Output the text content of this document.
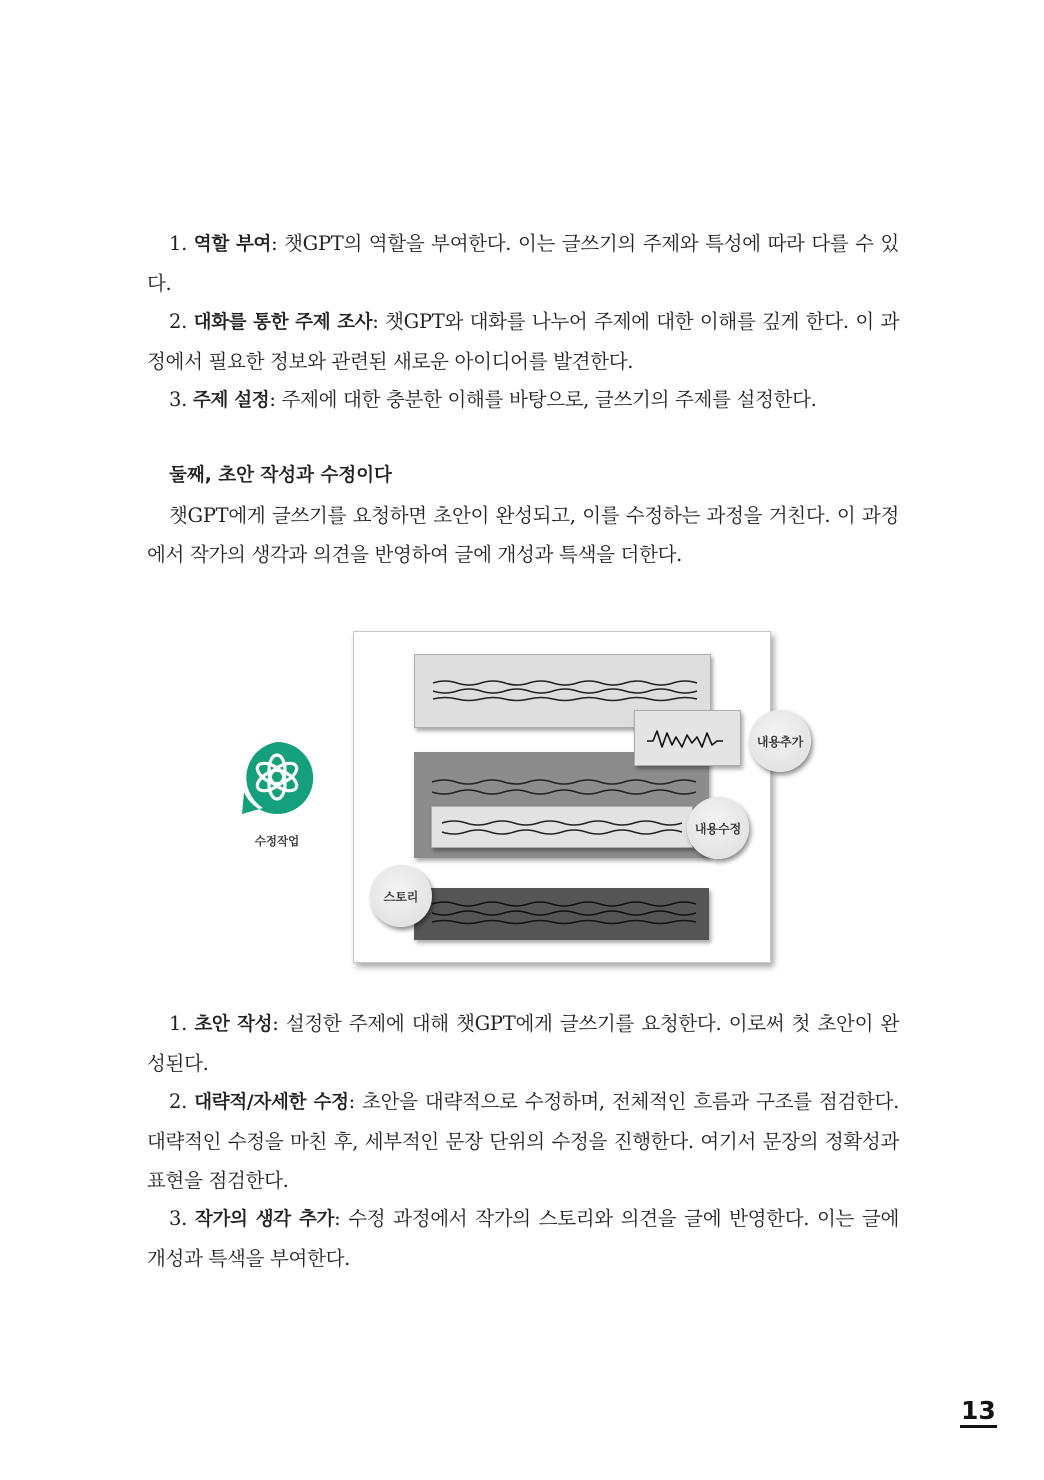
1. 역할 부여: 챗GPT의 역할을 부여한다. 이는 글쓰기의 주제와 특성에 따라 다를 수 있다.

2. 대화를 통한 주제 조사: 챗GPT와 대화를 나누어 주제에 대한 이해를 깊게 한다. 이 과정에서 필요한 정보와 관련된 새로운 아이디어를 발견한다.

3. 주제 설정: 주제에 대한 충분한 이해를 바탕으로, 글쓰기의 주제를 설정한다.

둘째, 초안 작성과 수정이다

챗GPT에게 글쓰기를 요청하면 초안이 완성되고, 이를 수정하는 과정을 거친다. 이 과정에서 작가의 생각과 의견을 반영하여 글에 개성과 특색을 더한다.

수정작업
내용추가
내용수정
스토리

1. 초안 작성: 설정한 주제에 대해 챗GPT에게 글쓰기를 요청한다. 이로써 첫 초안이 완성된다.

2. 대략적/자세한 수정: 초안을 대략적으로 수정하며, 전체적인 흐름과 구조를 점검한다. 대략적인 수정을 마친 후, 세부적인 문장 단위의 수정을 진행한다. 여기서 문장의 정확성과 표현을 점검한다.

3. 작가의 생각 추가: 수정 과정에서 작가의 스토리와 의견을 글에 반영한다. 이는 글에 개성과 특색을 부여한다.

13
